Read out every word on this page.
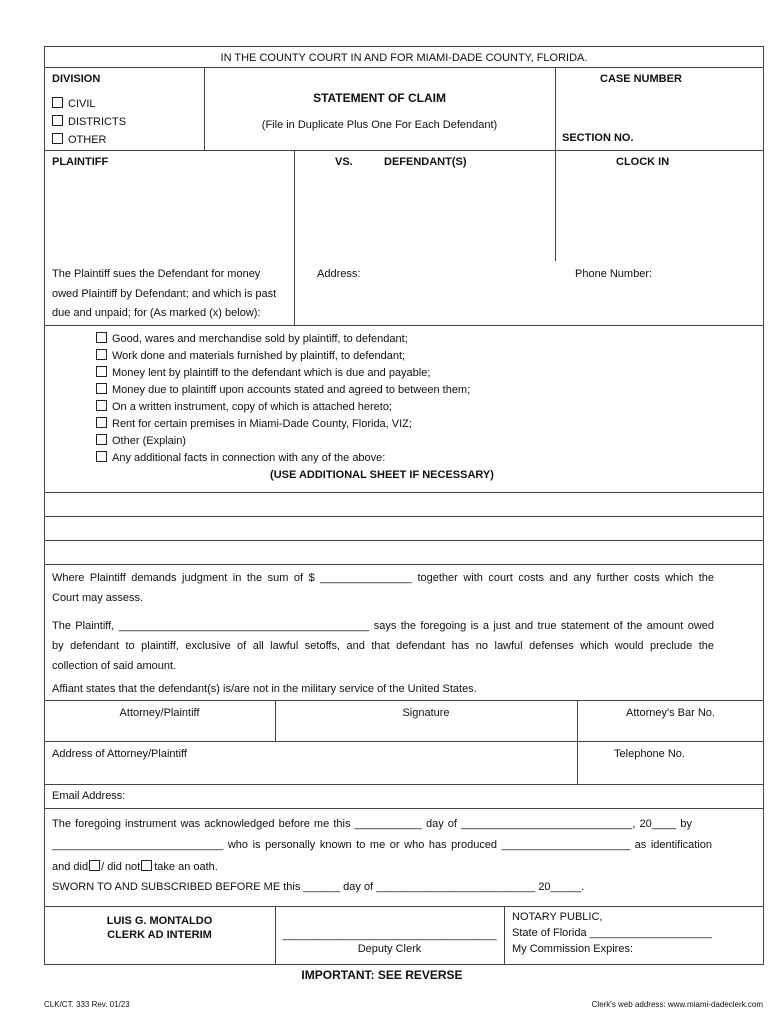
IN THE COUNTY COURT IN AND FOR MIAMI-DADE COUNTY, FLORIDA.
DIVISION
CIVIL
DISTRICTS
OTHER
STATEMENT OF CLAIM
(File in Duplicate Plus One For Each Defendant)
CASE NUMBER
SECTION NO.
PLAINTIFF	VS.	DEFENDANT(S)	CLOCK IN
The Plaintiff sues the Defendant for money
owed Plaintiff by Defendant; and which is past
due and unpaid; for (As marked (x) below):
Address:	Phone Number:
Good, wares and merchandise sold by plaintiff, to defendant;
Work done and materials furnished by plaintiff, to defendant;
Money lent by plaintiff to the defendant which is due and payable;
Money due to plaintiff upon accounts stated and agreed to between them;
On a written instrument, copy of which is attached hereto;
Rent for certain premises in Miami-Dade County, Florida, VIZ;
Other (Explain)
Any additional facts in connection with any of the above:
(USE ADDITIONAL SHEET IF NECESSARY)
Where Plaintiff demands judgment in the sum of $ _______________ together with court costs and any further costs which the
Court may assess.
The Plaintiff, _________________________________________ says the foregoing is a just and true statement of the amount owed
by defendant to plaintiff, exclusive of all lawful setoffs, and that defendant has no lawful defenses which would preclude the
collection of said amount.
Affiant states that the defendant(s) is/are not in the military service of the United States.
Attorney/Plaintiff	Signature	Attorney's Bar No.
Address of Attorney/Plaintiff	Telephone No.
Email Address:
The foregoing instrument was acknowledged before me this ___________ day of ____________________________, 20____ by
____________________________ who is personally known to me or who has produced _____________________ as identification
and did / did not take an oath.
SWORN TO AND SUBSCRIBED BEFORE ME this ______ day of __________________________ 20_____.
LUIS G. MONTALDO
CLERK AD INTERIM	___________________________________
Deputy Clerk
NOTARY PUBLIC,
State of Florida ____________________
My Commission Expires:
IMPORTANT: SEE REVERSE
CLK/CT. 333 Rev. 01/23	Clerk's web address: www.miami-dadeclerk.com
